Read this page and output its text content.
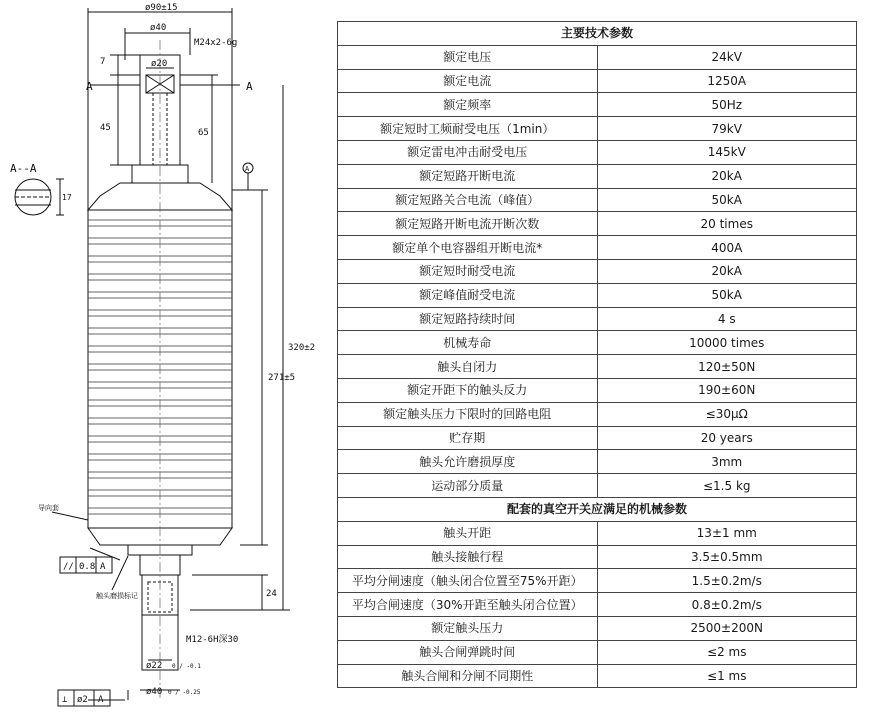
ø90±15
ø40
M24x2-6g
ø20
7
45	65
271±5
320±2
24
M12-6H深30
ø22 0 / -0.1
ø40 0 / -0.25
A	A
A--A
17
A
导向套
触头磨损标记
// 0.8 A
⊥ ø2 A
主要技术参数	
额定电压	24kV
额定电流	1250A
额定频率	50Hz
额定短时工频耐受电压（1min）	79kV
额定雷电冲击耐受电压	145kV
额定短路开断电流	20kA
额定短路关合电流（峰值）	50kA
额定短路开断电流开断次数	20 times
额定单个电容器组开断电流*	400A
额定短时耐受电流	20kA
额定峰值耐受电流	50kA
额定短路持续时间	4 s
机械寿命	10000 times
触头自闭力	120±50N
额定开距下的触头反力	190±60N
额定触头压力下限时的回路电阻	≤30μΩ
贮存期	20 years
触头允许磨损厚度	3mm
运动部分质量	≤1.5 kg
配套的真空开关应满足的机械参数	
触头开距	13±1 mm
触头接触行程	3.5±0.5mm
平均分闸速度（触头闭合位置至75%开距）	1.5±0.2m/s
平均合闸速度（30%开距至触头闭合位置）	0.8±0.2m/s
额定触头压力	2500±200N
触头合闸弹跳时间	≤2 ms
触头合闸和分闸不同期性	≤1 ms
